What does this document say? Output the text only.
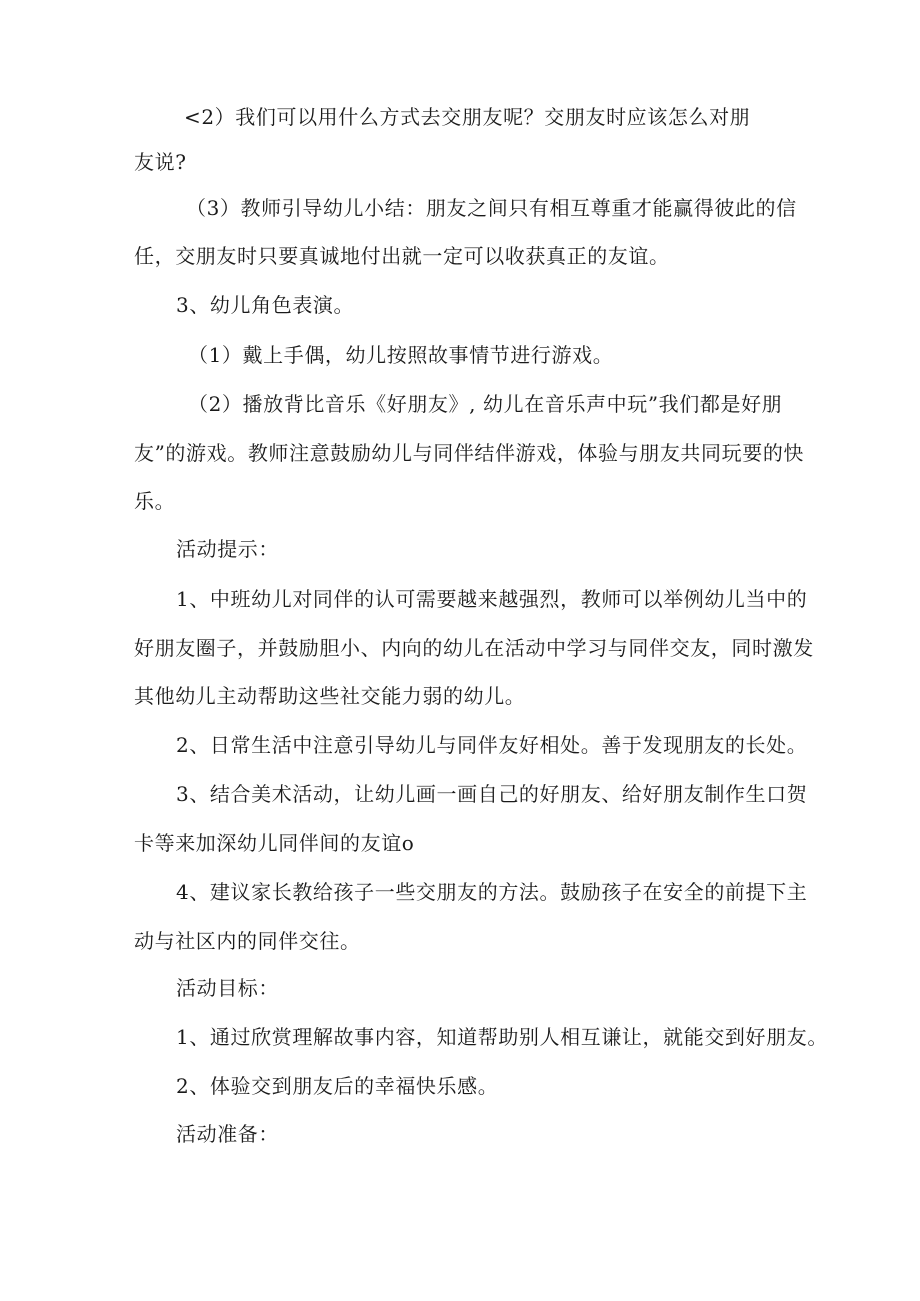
<2）我们可以用什么方式去交朋友呢？交朋友时应该怎么对朋
友说?
（3）教师引导幼儿小结：朋友之间只有相互尊重才能赢得彼此的信
任，交朋友时只要真诚地付出就一定可以收获真正的友谊。
3、幼儿角色表演。
（1）戴上手偶，幼儿按照故事情节进行游戏。
（2）播放背比音乐《好朋友》, 幼儿在音乐声中玩”我们都是好朋
友”的游戏。教师注意鼓励幼儿与同伴结伴游戏，体验与朋友共同玩要的快
乐。
活动提示：
1、中班幼儿对同伴的认可需要越来越强烈，教师可以举例幼儿当中的
好朋友圈子，并鼓励胆小、内向的幼儿在活动中学习与同伴交友，同时激发
其他幼儿主动帮助这些社交能力弱的幼儿。
2、日常生活中注意引导幼儿与同伴友好相处。善于发现朋友的长处。
3、结合美术活动，让幼儿画一画自己的好朋友、给好朋友制作生口贺
卡等来加深幼儿同伴间的友谊o
4、建议家长教给孩子一些交朋友的方法。鼓励孩子在安全的前提下主
动与社区内的同伴交往。
活动目标：
1、通过欣赏理解故事内容，知道帮助别人相互谦让，就能交到好朋友。
2、体验交到朋友后的幸福快乐感。
活动准备：
